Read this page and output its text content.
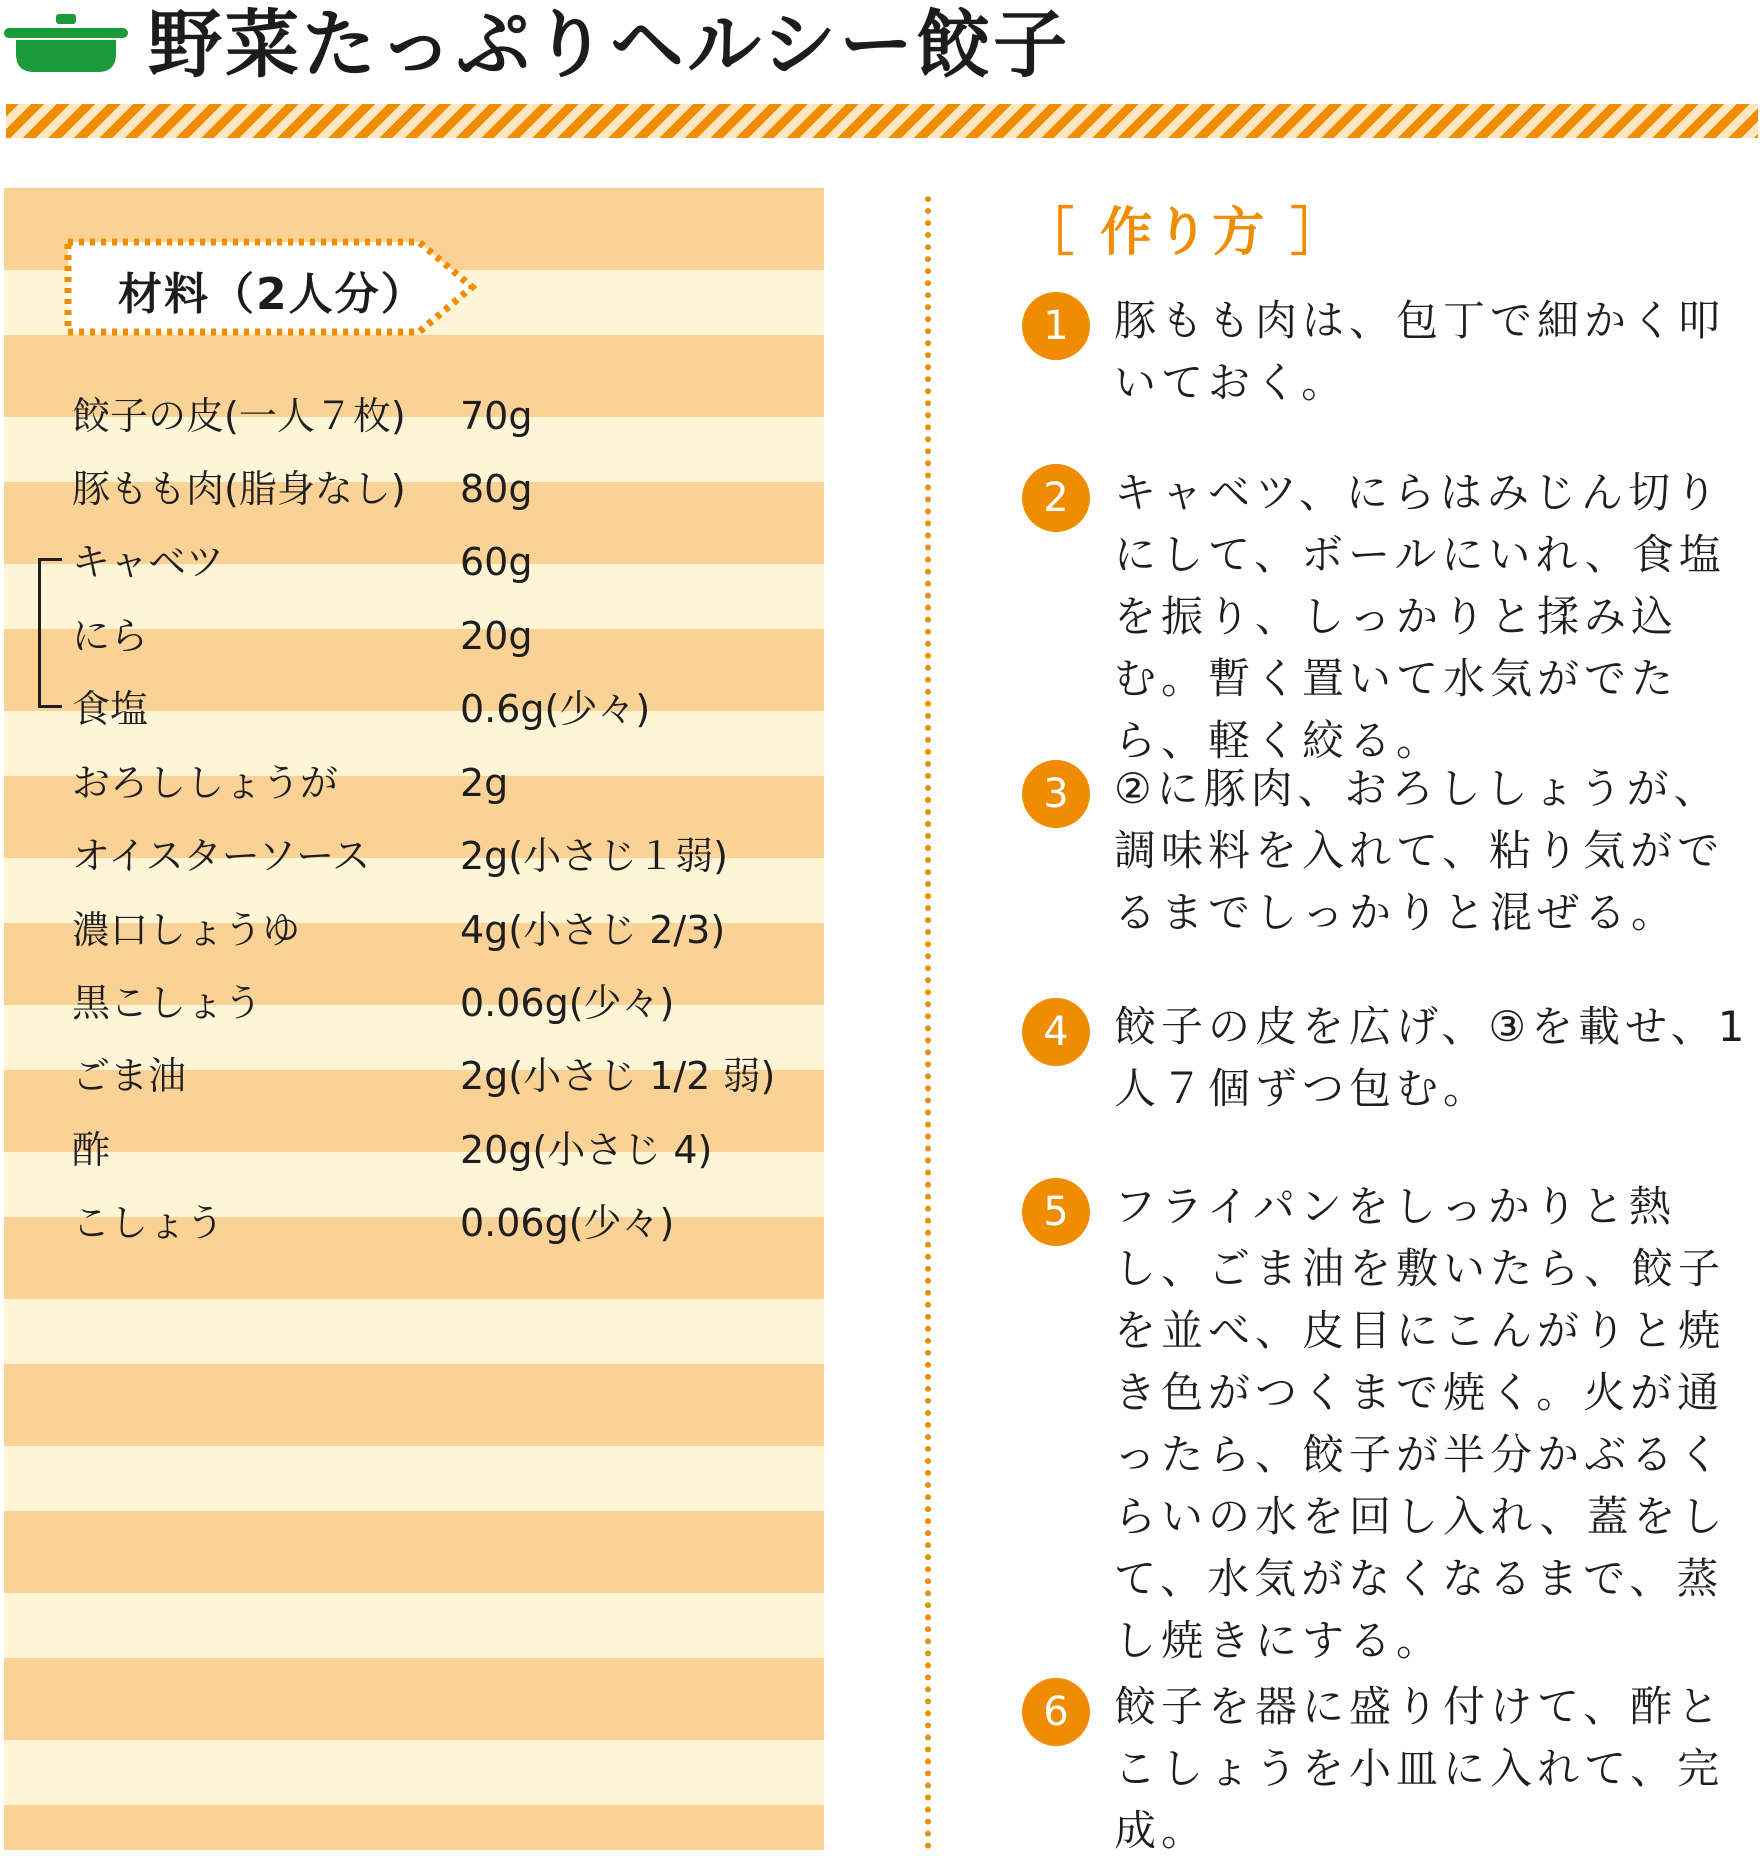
野菜たっぷりヘルシー餃子
材料（2人分）
餃子の皮(一人７枚) 70g
豚もも肉(脂身なし) 80g
キャベツ	60g
にら	20g
食塩	0.6g(少々)
おろししょうが	2g
オイスターソース 2g(小さじ１弱)
濃口しょうゆ	4g(小さじ 2/3)
黒こしょう	0.06g(少々)
ごま油	2g(小さじ 1/2 弱)
酢	20g(小さじ 4)
こしょう	0.06g(少々)
［ 作り方 ］
1	豚もも肉は、包丁で細かく叩いておく。
2	キャベツ、にらはみじん切りにして、ボールにいれ、食塩を振り、しっかりと揉み込む。暫く置いて水気がでたら、軽く絞る。
3	②に豚肉、おろししょうが、調味料を入れて、粘り気がでるまでしっかりと混ぜる。
4	餃子の皮を広げ、③を載せ、1人７個ずつ包む。
5	フライパンをしっかりと熱し、ごま油を敷いたら、餃子を並べ、皮目にこんがりと焼き色がつくまで焼く。火が通ったら、餃子が半分かぶるくらいの水を回し入れ、蓋をして、水気がなくなるまで、蒸し焼きにする。
6	餃子を器に盛り付けて、酢とこしょうを小皿に入れて、完成。
